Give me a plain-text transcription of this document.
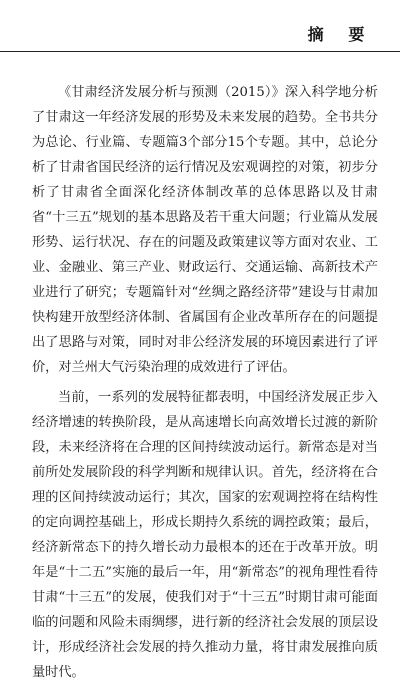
摘 要

《甘肃经济发展分析与预测（2015）》深入科学地分析了甘肃这一年经济发展的形势及未来发展的趋势。全书共分为总论、行业篇、专题篇3个部分15个专题。其中，总论分析了甘肃省国民经济的运行情况及宏观调控的对策，初步分析了甘肃省全面深化经济体制改革的总体思路以及甘肃省“十三五”规划的基本思路及若干重大问题；行业篇从发展形势、运行状况、存在的问题及政策建议等方面对农业、工业、金融业、第三产业、财政运行、交通运输、高新技术产业进行了研究；专题篇针对“丝绸之路经济带”建设与甘肃加快构建开放型经济体制、省属国有企业改革所存在的问题提出了思路与对策，同时对非公经济发展的环境因素进行了评价，对兰州大气污染治理的成效进行了评估。

当前，一系列的发展特征都表明，中国经济发展正步入经济增速的转换阶段，是从高速增长向高效增长过渡的新阶段，未来经济将在合理的区间持续波动运行。新常态是对当前所处发展阶段的科学判断和规律认识。首先，经济将在合理的区间持续波动运行；其次，国家的宏观调控将在结构性的定向调控基础上，形成长期持久系统的调控政策；最后，经济新常态下的持久增长动力最根本的还在于改革开放。明年是“十二五”实施的最后一年，用“新常态”的视角理性看待甘肃“十三五”的发展，使我们对于“十三五”时期甘肃可能面临的问题和风险未雨绸缪，进行新的经济社会发展的顶层设计，形成经济社会发展的持久推动力量，将甘肃发展推向质量时代。
